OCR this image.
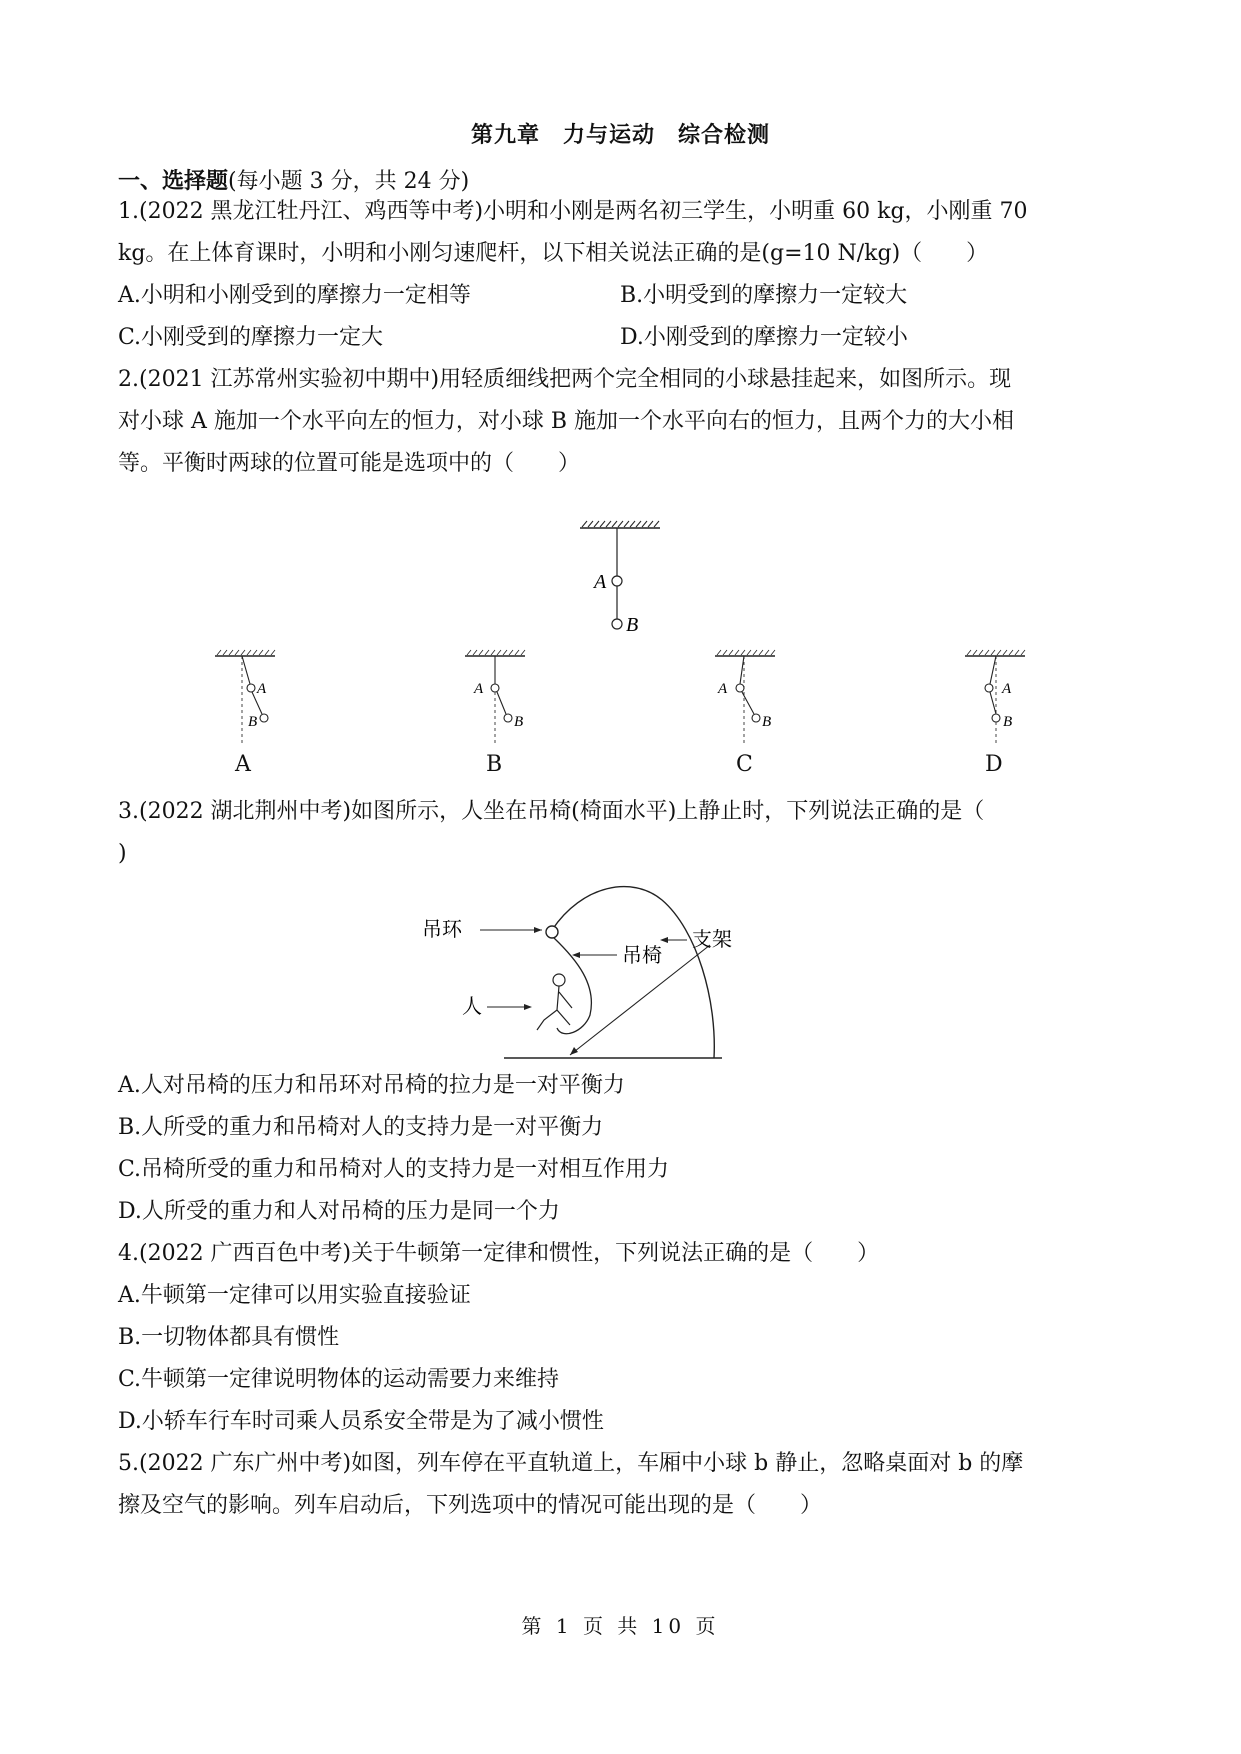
第九章　力与运动　综合检测
一、选择题(每小题 3 分，共 24 分)
1.(2022 黑龙江牡丹江、鸡西等中考)小明和小刚是两名初三学生，小明重 60 kg，小刚重 70
kg。在上体育课时，小明和小刚匀速爬杆，以下相关说法正确的是(g=10 N/kg)（　　）
A.小明和小刚受到的摩擦力一定相等	B.小明受到的摩擦力一定较大
C.小刚受到的摩擦力一定大	D.小刚受到的摩擦力一定较小
2.(2021 江苏常州实验初中期中)用轻质细线把两个完全相同的小球悬挂起来，如图所示。现
对小球 A 施加一个水平向左的恒力，对小球 B 施加一个水平向右的恒力，且两个力的大小相
等。平衡时两球的位置可能是选项中的（　　）
A
B
A
B
A
B
A
B
A
B
A	B	C	D
3.(2022 湖北荆州中考)如图所示，人坐在吊椅(椅面水平)上静止时，下列说法正确的是（
)
吊环
吊椅
支架
人
A.人对吊椅的压力和吊环对吊椅的拉力是一对平衡力
B.人所受的重力和吊椅对人的支持力是一对平衡力
C.吊椅所受的重力和吊椅对人的支持力是一对相互作用力
D.人所受的重力和人对吊椅的压力是同一个力
4.(2022 广西百色中考)关于牛顿第一定律和惯性，下列说法正确的是（　　）
A.牛顿第一定律可以用实验直接验证
B.一切物体都具有惯性
C.牛顿第一定律说明物体的运动需要力来维持
D.小轿车行车时司乘人员系安全带是为了减小惯性
5.(2022 广东广州中考)如图，列车停在平直轨道上，车厢中小球 b 静止，忽略桌面对 b 的摩
擦及空气的影响。列车启动后，下列选项中的情况可能出现的是（　　）
第 1 页 共 10 页
